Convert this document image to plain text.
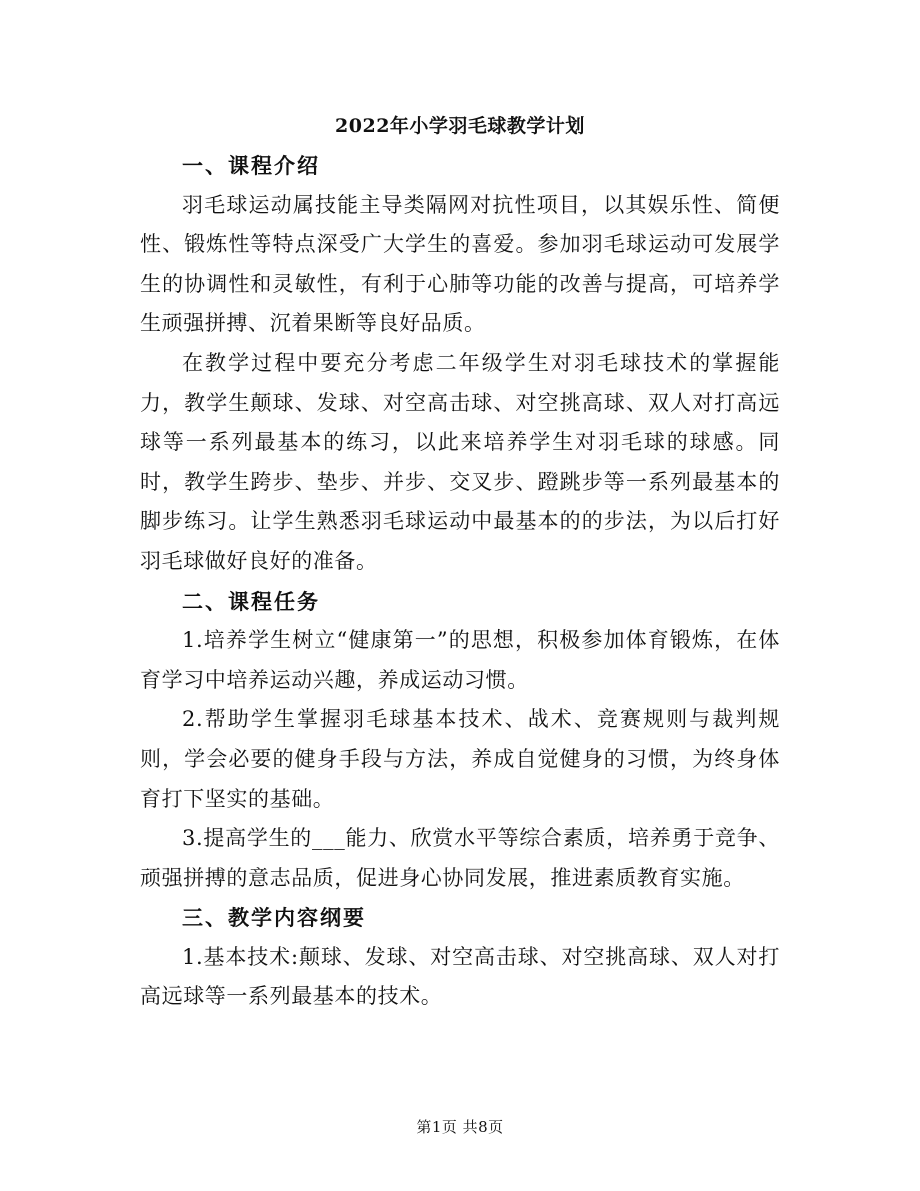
2022年小学羽毛球教学计划

一、课程介绍

羽毛球运动属技能主导类隔网对抗性项目，以其娱乐性、简便性、锻炼性等特点深受广大学生的喜爱。参加羽毛球运动可发展学生的协调性和灵敏性，有利于心肺等功能的改善与提高，可培养学生顽强拼搏、沉着果断等良好品质。

在教学过程中要充分考虑二年级学生对羽毛球技术的掌握能力，教学生颠球、发球、对空高击球、对空挑高球、双人对打高远球等一系列最基本的练习，以此来培养学生对羽毛球的球感。同时，教学生跨步、垫步、并步、交叉步、蹬跳步等一系列最基本的脚步练习。让学生熟悉羽毛球运动中最基本的的步法，为以后打好羽毛球做好良好的准备。

二、课程任务

1.培养学生树立“健康第一”的思想，积极参加体育锻炼，在体育学习中培养运动兴趣，养成运动习惯。

2.帮助学生掌握羽毛球基本技术、战术、竞赛规则与裁判规则，学会必要的健身手段与方法，养成自觉健身的习惯，为终身体育打下坚实的基础。

3.提高学生的___能力、欣赏水平等综合素质，培养勇于竞争、顽强拼搏的意志品质，促进身心协同发展，推进素质教育实施。

三、教学内容纲要

1.基本技术:颠球、发球、对空高击球、对空挑高球、双人对打高远球等一系列最基本的技术。

第1页 共8页
